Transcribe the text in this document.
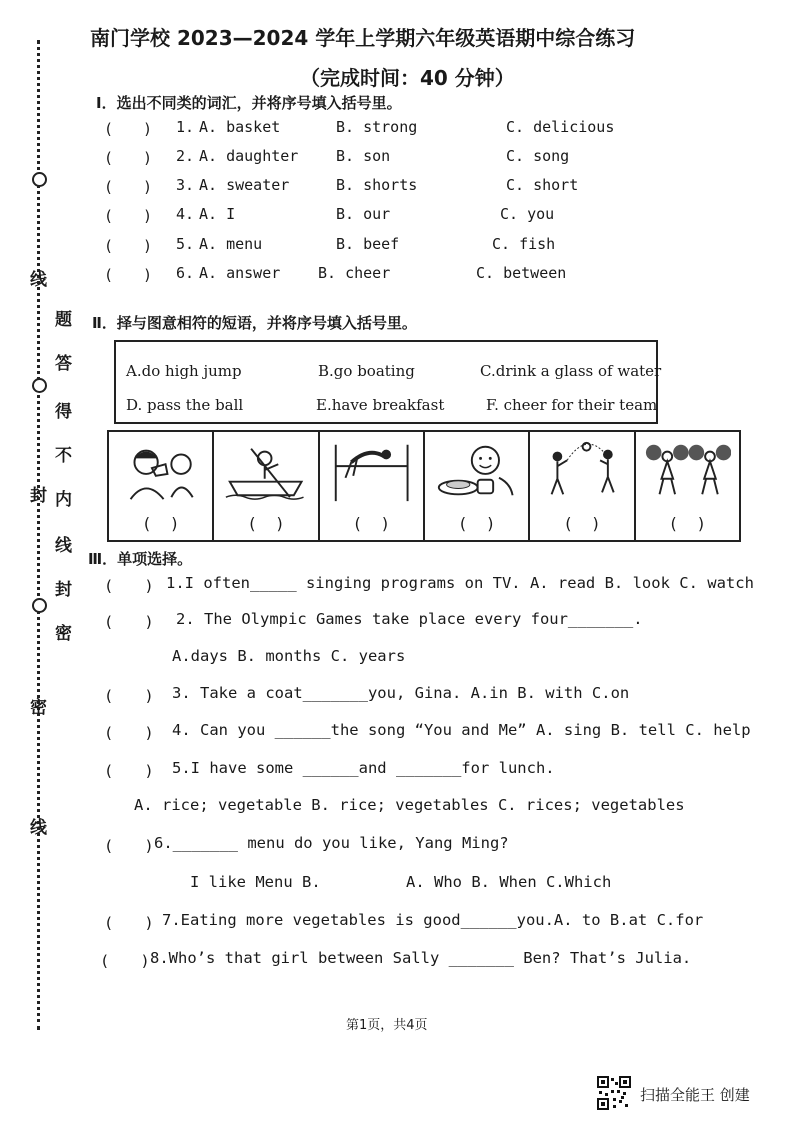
线
题
答
得
不
内
线
封
密
封
密
线
南门学校 2023—2024 学年上学期六年级英语期中综合练习
（完成时间：40 分钟）
Ⅰ．选出不同类的词汇，并将序号填入括号里。
(　　) 1. A. basket	B. strong	C. delicious
(　　) 2. A. daughter	B. son	C. song
(　　) 3. A. sweater	B. shorts	C. short
(　　) 4. A. I	B. our	C. you
(　　) 5. A. menu	B. beef	C. fish
(　　) 6. A. answer	B. cheer	C. between
Ⅱ．择与图意相符的短语，并将序号填入括号里。
A.do high jump	B.go boating	C.drink a glass of water
D. pass the ball	E.have breakfast	F. cheer for their team
(　 )	(　 )	(　 )	(　 )	(　 )	(　 )
Ⅲ．单项选择。
(　　) 1.I often_____ singing programs on TV. A. read B. look C. watch
(　　) 2. The Olympic Games take place every four_______.
A.days B. months C. years
(　　) 3. Take a coat_______you, Gina. A.in B. with C.on
(　　) 4. Can you ______the song “You and Me” A. sing B. tell C. help
(　　) 5.I have some ______and _______for lunch.
A. rice; vegetable B. rice; vegetables C. rices; vegetables
(　　) 6._______ menu do you like, Yang Ming?
I like Menu B.	A. Who B. When C.Which
(　　) 7.Eating more vegetables is good______you.A. to B.at C.for
(　　) 8.Who’s that girl between Sally _______ Ben? That’s Julia.
第1页，共4页
扫描全能王 创建
